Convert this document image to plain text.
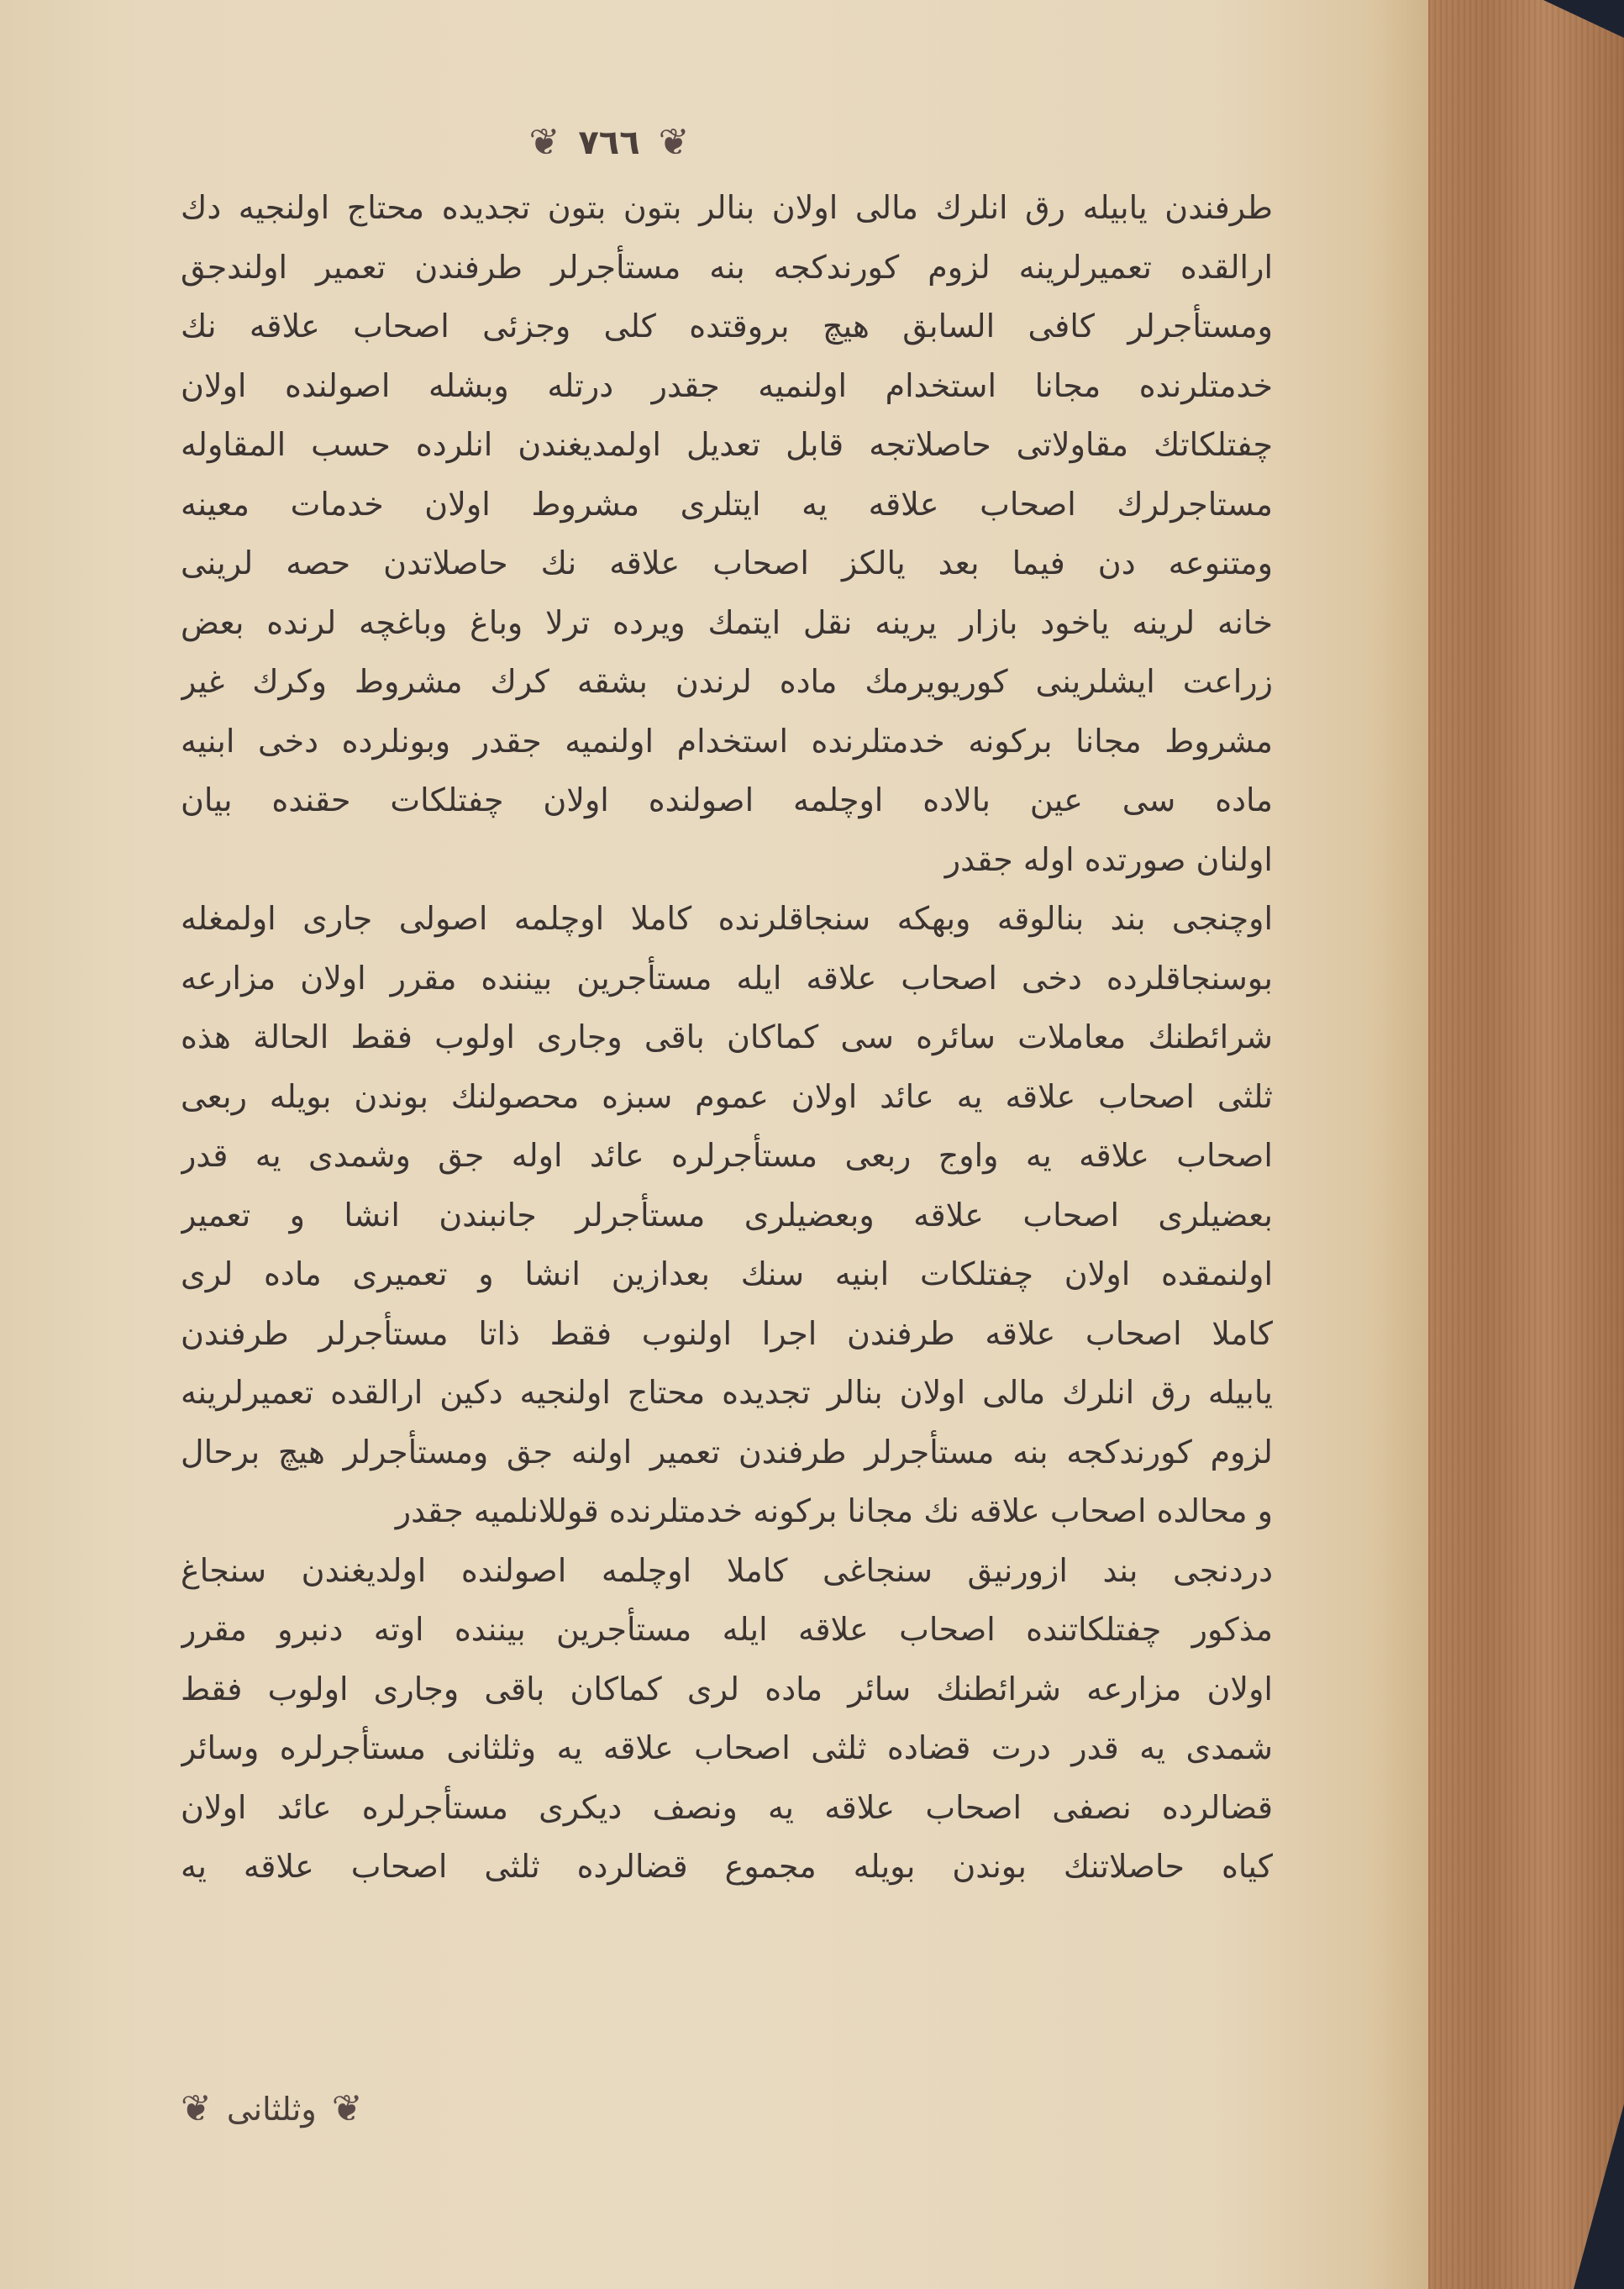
❦ ٧٦٦ ❦
طرفندن يابيله رق انلرك مالى اولان بنالر بتون بتون تجديده محتاج اولنجيه دك
ارالقده تعميرلرينه لزوم كورندكجه بنه مستأجرلر طرفندن تعمير اولندجق
ومستأجرلر كافى السابق هيچ بروقتده كلى وجزئى اصحاب علاقه نك
خدمتلرنده مجانا استخدام اولنميه جقدر درتله وبشله اصولنده اولان
چفتلكاتك مقاولاتى حاصلاتجه قابل تعديل اولمديغندن انلرده حسب المقاوله
مستاجرلرك اصحاب علاقه يه ايتلرى مشروط اولان خدمات معينه
ومتنوعه دن فيما بعد يالكز اصحاب علاقه نك حاصلاتدن حصه لرينى
خانه لرينه ياخود بازار يرينه نقل ايتمك ويرده ترلا وباغ وباغچه لرنده بعض
زراعت ايشلرينى كوريويرمك ماده لرندن بشقه كرك مشروط وكرك غير
مشروط مجانا بركونه خدمتلرنده استخدام اولنميه جقدر وبونلرده دخى ابنيه
ماده سى عين بالاده اوچلمه اصولنده اولان چفتلكات حقنده بيان
اولنان صورتده اوله جقدر
اوچنجى بند بنالوقه وبهكه سنجاقلرنده كاملا اوچلمه اصولى جارى اولمغله
بوسنجاقلرده دخى اصحاب علاقه ايله مستأجرين بيننده مقرر اولان مزارعه
شرائطنك معاملات سائره سى كماكان باقى وجارى اولوب فقط الحالة هذه
ثلثى اصحاب علاقه يه عائد اولان عموم سبزه محصولنك بوندن بويله ربعى
اصحاب علاقه يه واوج ربعى مستأجرلره عائد اوله جق وشمدى يه قدر
بعضيلرى اصحاب علاقه وبعضيلرى مستأجرلر جانبندن انشا و تعمير
اولنمقده اولان چفتلكات ابنيه سنك بعدازين انشا و تعميرى ماده لرى
كاملا اصحاب علاقه طرفندن اجرا اولنوب فقط ذاتا مستأجرلر طرفندن
يابيله رق انلرك مالى اولان بنالر تجديده محتاج اولنجيه دكين ارالقده تعميرلرينه
لزوم كورندكجه بنه مستأجرلر طرفندن تعمير اولنه جق ومستأجرلر هيچ برحال
و محالده اصحاب علاقه نك مجانا بركونه خدمتلرنده قوللانلميه جقدر
دردنجى بند ازورنيق سنجاغى كاملا اوچلمه اصولنده اولديغندن سنجاغ
مذكور چفتلكاتنده اصحاب علاقه ايله مستأجرين بيننده اوته دنبرو مقرر
اولان مزارعه شرائطنك سائر ماده لرى كماكان باقى وجارى اولوب فقط
شمدى يه قدر درت قضاده ثلثى اصحاب علاقه يه وثلثانى مستأجرلره وسائر
قضالرده نصفى اصحاب علاقه يه ونصف ديكرى مستأجرلره عائد اولان
كياه حاصلاتنك بوندن بويله مجموع قضالرده ثلثى اصحاب علاقه يه
❦ وثلثانى ❦
